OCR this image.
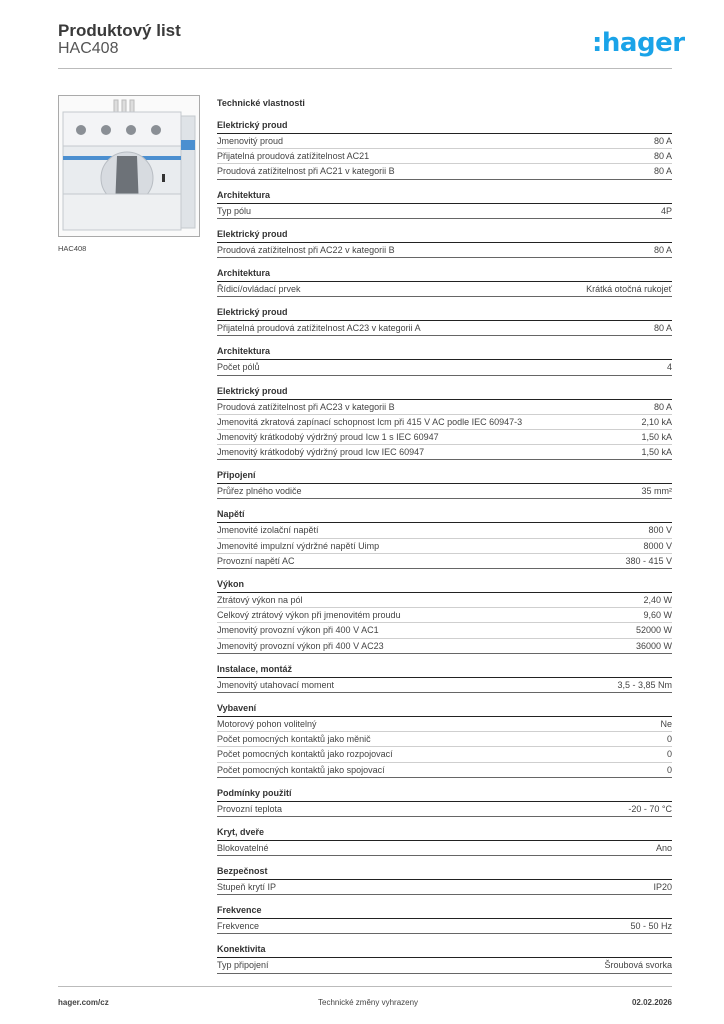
Produktový list
HAC408	:hager
HAC408
Technické vlastnosti
Elektrický proud
Jmenovitý proud	80 A
Přijatelná proudová zatížitelnost AC21	80 A
Proudová zatížitelnost při AC21 v kategorii B	80 A
Architektura
Typ pólu	4P
Elektrický proud
Proudová zatížitelnost při AC22 v kategorii B	80 A
Architektura
Řídicí/ovládací prvek	Krátká otočná rukojeť
Elektrický proud
Přijatelná proudová zatížitelnost AC23 v kategorii A	80 A
Architektura
Počet pólů	4
Elektrický proud
Proudová zatížitelnost při AC23 v kategorii B	80 A
Jmenovitá zkratová zapínací schopnost Icm při 415 V AC podle IEC 60947-3	2,10 kA
Jmenovitý krátkodobý výdržný proud Icw 1 s IEC 60947	1,50 kA
Jmenovitý krátkodobý výdržný proud Icw IEC 60947	1,50 kA
Připojení
Průřez plného vodiče	35 mm²
Napětí
Jmenovité izolační napětí	800 V
Jmenovité impulzní výdržné napětí Uimp	8000 V
Provozní napětí AC	380 - 415 V
Výkon
Ztrátový výkon na pól	2,40 W
Celkový ztrátový výkon při jmenovitém proudu	9,60 W
Jmenovitý provozní výkon při 400 V AC1	52000 W
Jmenovitý provozní výkon při 400 V AC23	36000 W
Instalace, montáž
Jmenovitý utahovací moment	3,5 - 3,85 Nm
Vybavení
Motorový pohon volitelný	Ne
Počet pomocných kontaktů jako měnič	0
Počet pomocných kontaktů jako rozpojovací	0
Počet pomocných kontaktů jako spojovací	0
Podmínky použití
Provozní teplota	-20 - 70 °C
Kryt, dveře
Blokovatelné	Ano
Bezpečnost
Stupeň krytí IP	IP20
Frekvence
Frekvence	50 - 50 Hz
Konektivita
Typ připojení	Šroubová svorka
hager.com/cz	Technické změny vyhrazeny	02.02.2026
